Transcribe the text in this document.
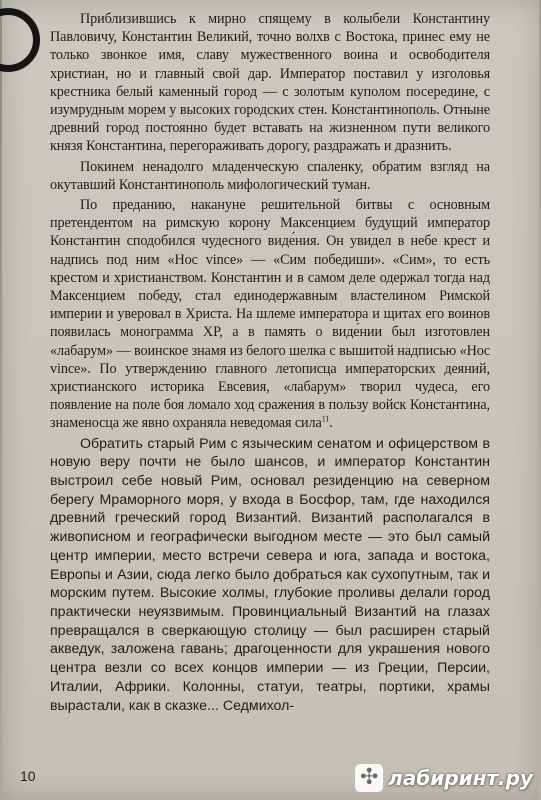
Приблизившись к мирно спящему в колыбели Константину Павловичу, Константин Великий, точно волхв с Востока, принес ему не только звонкое имя, славу мужественного воина и освободителя христиан, но и главный свой дар. Император поставил у изголовья крестника белый каменный город — с золотым куполом посередине, с изумрудным морем у высоких городских стен. Константинополь. Отныне древний город постоянно будет вставать на жизненном пути великого князя Константина, перегораживать дорогу, раздражать и дразнить.

Покинем ненадолго младенческую спаленку, обратим взгляд на окутавший Константинополь мифологический туман.

По преданию, накануне решительной битвы с основным претендентом на римскую корону Максенцием будущий император Константин сподобился чудесного виде́ния. Он увидел в небе крест и надпись под ним «Hoc vince» — «Сим победиши». «Сим», то есть крестом и христианством. Константин и в самом деле одержал тогда над Максенцием победу, стал единодержавным властелином Римской империи и уверовал в Христа. На шлеме императора и щитах его воинов появилась монограмма ХР, а в память о виде́нии был изготовлен «лабарум» — воинское знамя из белого шелка с вышитой надписью «Hoc vince». По утверждению главного летописца императорских деяний, христианского историка Евсевия, «лабарум» творил чудеса, его появление на поле боя ломало ход сражения в пользу войск Константина, знаменосца же явно охраняла неведомая сила$^{11}$.

Обратить старый Рим с языческим сенатом и офицерством в новую веру почти не было шансов, и император Константин выстроил себе новый Рим, основал резиденцию на северном берегу Мраморного моря, у входа в Босфор, там, где находился древний греческий город Византий. Византий располагался в живописном и географически выгодном месте — это был самый центр империи, место встречи севера и юга, запада и востока, Европы и Азии, сюда легко было добраться как сухопутным, так и морским путем. Высокие холмы, глубокие проливы делали город практически неуязвимым. Провинциальный Византий на глазах превращался в сверкающую столицу — был расширен старый акведук, заложена гавань; драгоценности для украшения нового центра везли со всех концов империи — из Греции, Персии, Италии, Африки. Колонны, статуи, театры, портики, храмы вырастали, как в сказке... Седмихол-

10	✣ лабиринт.ру
